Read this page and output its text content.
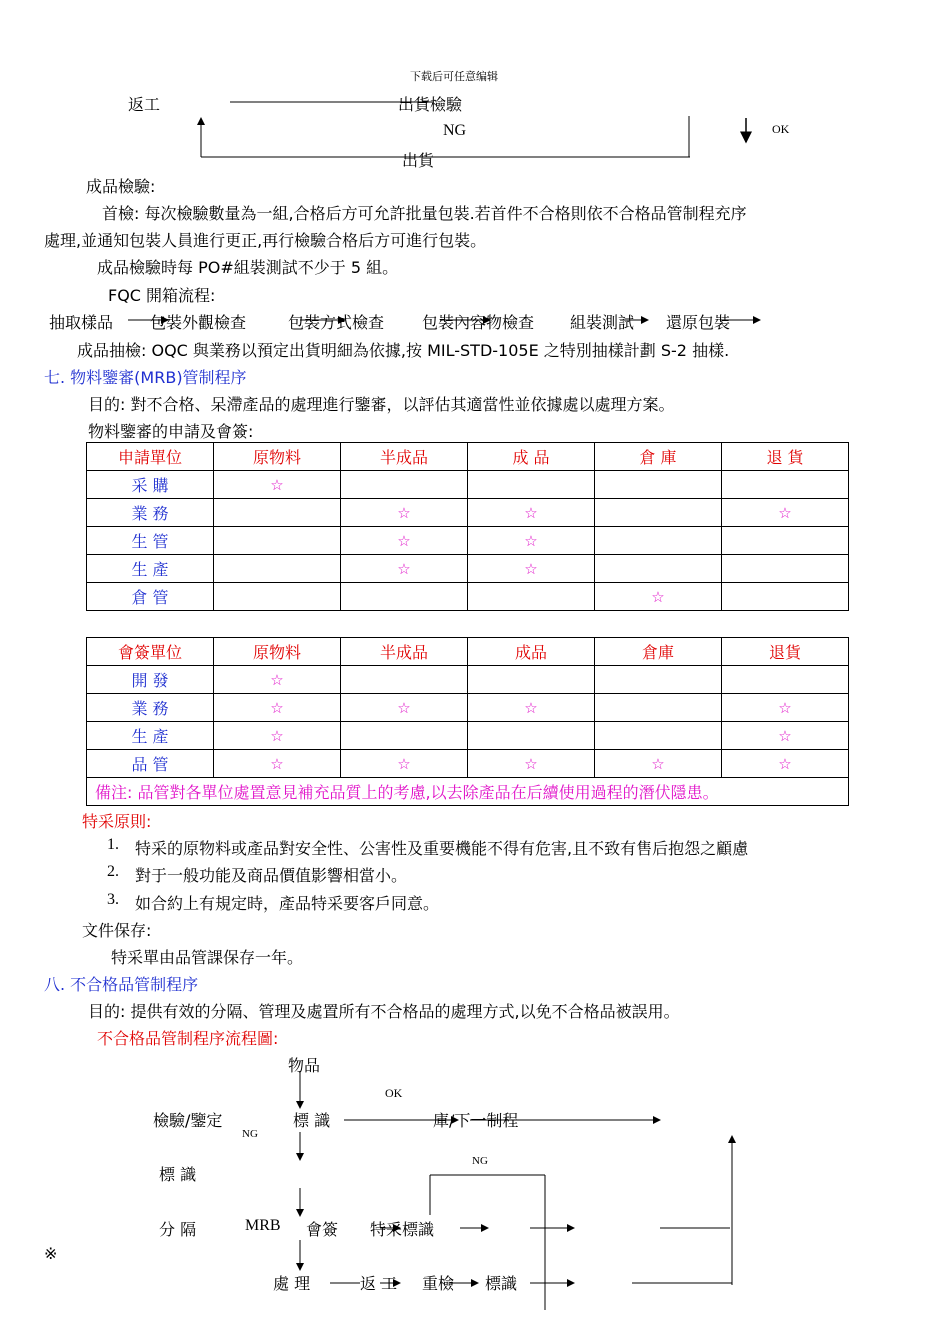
下载后可任意编辑
返工	出貨檢驗
NG	OK
出貨
成品檢驗:
首檢: 每次檢驗數量為一組,合格后方可允許批量包裝.若首件不合格則依不合格品管制程充序
處理,並通知包裝人員進行更正,再行檢驗合格后方可進行包裝。
成品檢驗時每 PO#組裝測試不少于 5 組。
FQC 開箱流程:
抽取樣品 包裝外觀檢查	包裝方式檢查 包裝內容物檢查 組裝測試 還原包裝
成品抽檢: OQC 與業務以預定出貨明細為依據,按 MIL-STD-105E 之特別抽樣計劃 S-2 抽樣.
七. 物料鑒審(MRB)管制程序
目的: 對不合格、呆滯產品的處理進行鑒審，以評估其適當性並依據處以處理方案。
物料鑒審的申請及會簽:
申請單位	原物料	半成品	成 品	倉 庫	退 貨
采 購	☆				
業 務		☆	☆		☆
生 管		☆	☆		
生 產		☆	☆		
倉 管				☆	
會簽單位	原物料	半成品	成品	倉庫	退貨
開 發	☆				
業 務	☆	☆	☆		☆
生 產	☆				☆
品 管	☆	☆	☆	☆	☆
備注: 品管對各單位處置意見補充品質上的考慮,以去除產品在后續使用過程的潛伏隱患。					
特采原則:
1. 特采的原物料或產品對安全性、公害性及重要機能不得有危害,且不致有售后抱怨之顧慮
2. 對于一般功能及商品價值影響相當小。
3. 如合約上有規定時，產品特采要客戶同意。
文件保存:
特采單由品管課保存一年。
八. 不合格品管制程序
目的: 提供有效的分隔、管理及處置所有不合格品的處理方式,以免不合格品被誤用。
不合格品管制程序流程圖:
物品
OK
檢驗/鑒定	標 識	庫/下一制程
NG
NG
標 識
分 隔	MRB 會簽 特采標識
※
處 理	返 工 重檢 標識
